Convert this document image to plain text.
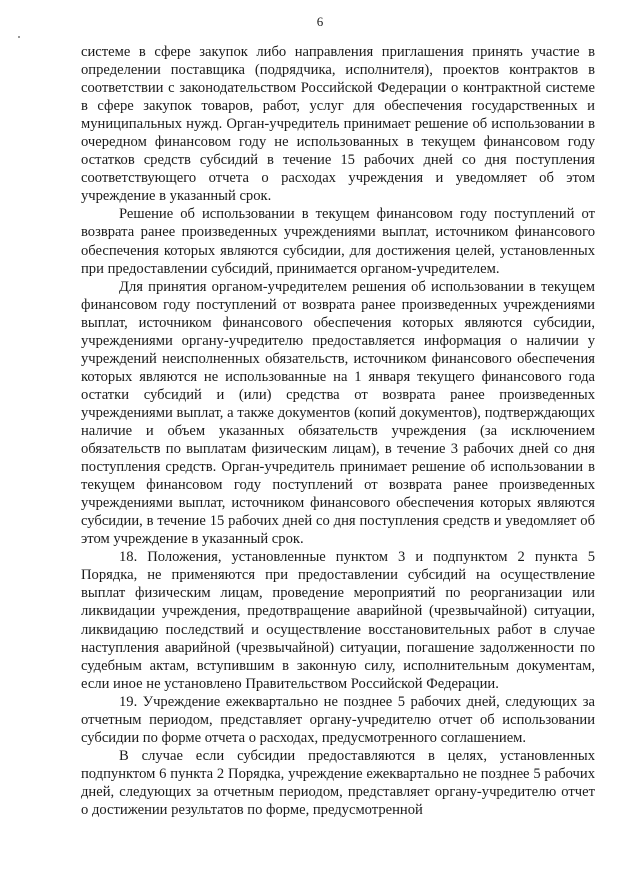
6

системе в сфере закупок либо направления приглашения принять участие в определении поставщика (подрядчика, исполнителя), проектов контрактов в соответствии с законодательством Российской Федерации о контрактной системе в сфере закупок товаров, работ, услуг для обеспечения государственных и муниципальных нужд. Орган-учредитель принимает решение об использовании в очередном финансовом году не использованных в текущем финансовом году остатков средств субсидий в течение 15 рабочих дней со дня поступления соответствующего отчета о расходах учреждения и уведомляет об этом учреждение в указанный срок.

Решение об использовании в текущем финансовом году поступлений от возврата ранее произведенных учреждениями выплат, источником финансового обеспечения которых являются субсидии, для достижения целей, установленных при предоставлении субсидий, принимается органом-учредителем.

Для принятия органом-учредителем решения об использовании в текущем финансовом году поступлений от возврата ранее произведенных учреждениями выплат, источником финансового обеспечения которых являются субсидии, учреждениями органу-учредителю предоставляется информация о наличии у учреждений неисполненных обязательств, источником финансового обеспечения которых являются не использованные на 1 января текущего финансового года остатки субсидий и (или) средства от возврата ранее произведенных учреждениями выплат, а также документов (копий документов), подтверждающих наличие и объем указанных обязательств учреждения (за исключением обязательств по выплатам физическим лицам), в течение 3 рабочих дней со дня поступления средств. Орган-учредитель принимает решение об использовании в текущем финансовом году поступлений от возврата ранее произведенных учреждениями выплат, источником финансового обеспечения которых являются субсидии, в течение 15 рабочих дней со дня поступления средств и уведомляет об этом учреждение в указанный срок.

18. Положения, установленные пунктом 3 и подпунктом 2 пункта 5 Порядка, не применяются при предоставлении субсидий на осуществление выплат физическим лицам, проведение мероприятий по реорганизации или ликвидации учреждения, предотвращение аварийной (чрезвычайной) ситуации, ликвидацию последствий и осуществление восстановительных работ в случае наступления аварийной (чрезвычайной) ситуации, погашение задолженности по судебным актам, вступившим в законную силу, исполнительным документам, если иное не установлено Правительством Российской Федерации.

19. Учреждение ежеквартально не позднее 5 рабочих дней, следующих за отчетным периодом, представляет органу-учредителю отчет об использовании субсидии по форме отчета о расходах, предусмотренного соглашением.

В случае если субсидии предоставляются в целях, установленных подпунктом 6 пункта 2 Порядка, учреждение ежеквартально не позднее 5 рабочих дней, следующих за отчетным периодом, представляет органу-учредителю отчет о достижении результатов по форме, предусмотренной
